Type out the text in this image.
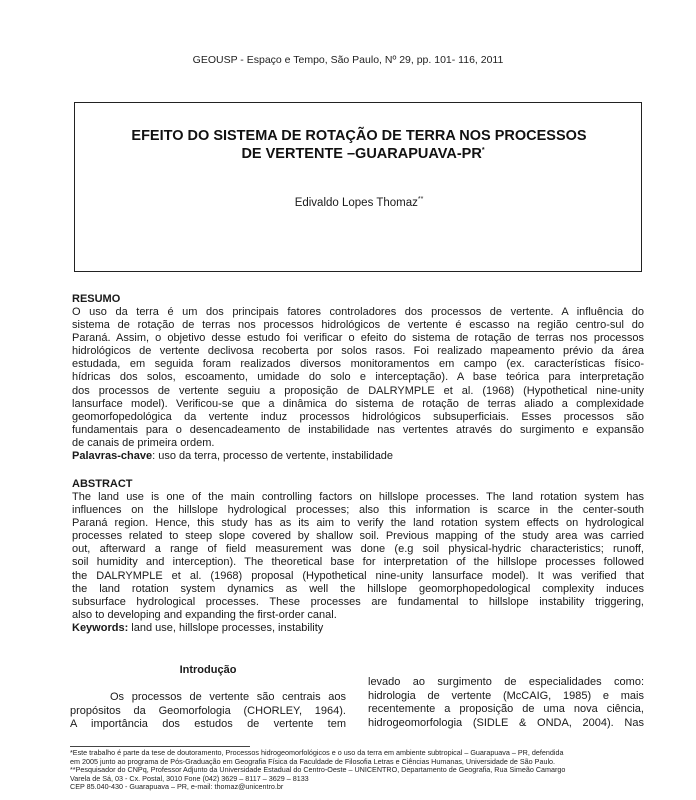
GEOUSP - Espaço e Tempo, São Paulo, Nº 29, pp. 101- 116, 2011
EFEITO DO SISTEMA DE ROTAÇÃO DE TERRA NOS PROCESSOS
DE VERTENTE –GUARAPUAVA-PR*
Edivaldo Lopes Thomaz**
RESUMO
O uso da terra é um dos principais fatores controladores dos processos de vertente. A influência do
sistema de rotação de terras nos processos hidrológicos de vertente é escasso na região centro-sul do
Paraná. Assim, o objetivo desse estudo foi verificar o efeito do sistema de rotação de terras nos processos
hidrológicos de vertente declivosa recoberta por solos rasos. Foi realizado mapeamento prévio da área
estudada, em seguida foram realizados diversos monitoramentos em campo (ex. características físico-
hídricas dos solos, escoamento, umidade do solo e interceptação). A base teórica para interpretação
dos processos de vertente seguiu a proposição de DALRYMPLE et al. (1968) (Hypothetical nine-unity
lansurface model). Verificou-se que a dinâmica do sistema de rotação de terras aliado a complexidade
geomorfopedológica da vertente induz processos hidrológicos subsuperficiais. Esses processos são
fundamentais para o desencadeamento de instabilidade nas vertentes através do surgimento e expansão
de canais de primeira ordem.
Palavras-chave: uso da terra, processo de vertente, instabilidade
ABSTRACT
The land use is one of the main controlling factors on hillslope processes. The land rotation system has
influences on the hillslope hydrological processes; also this information is scarce in the center-south
Paraná region. Hence, this study has as its aim to verify the land rotation system effects on hydrological
processes related to steep slope covered by shallow soil. Previous mapping of the study area was carried
out, afterward a range of field measurement was done (e.g soil physical-hydric characteristics; runoff,
soil humidity and interception). The theoretical base for interpretation of the hillslope processes followed
the DALRYMPLE et al. (1968) proposal (Hypothetical nine-unity lansurface model). It was verified that
the land rotation system dynamics as well the hillslope geomorphopedological complexity induces
subsurface hydrological processes. These processes are fundamental to hillslope instability triggering,
also to developing and expanding the first-order canal.
Keywords: land use, hillslope processes, instability
Introdução
Os processos de vertente são centrais aos
propósitos da Geomorfologia (CHORLEY, 1964).
A importância dos estudos de vertente tem
levado ao surgimento de especialidades como:
hidrologia de vertente (McCAIG, 1985) e mais
recentemente a proposição de uma nova ciência,
hidrogeomorfologia (SIDLE & ONDA, 2004). Nas
*Este trabalho é parte da tese de doutoramento, Processos hidrogeomorfológicos e o uso da terra em ambiente subtropical – Guarapuava – PR, defendida
em 2005 junto ao programa de Pós-Graduação em Geografia Física da Faculdade de Filosofia Letras e Ciências Humanas, Universidade de São Paulo.
**Pesquisador do CNPq, Professor Adjunto da Universidade Estadual do Centro-Oeste – UNICENTRO, Departamento de Geografia, Rua Simeão Camargo
Varela de Sá, 03 - Cx. Postal, 3010 Fone (042) 3629 – 8117 – 3629 – 8133
CEP 85.040-430 - Guarapuava – PR, e-mail: thomaz@unicentro.br
